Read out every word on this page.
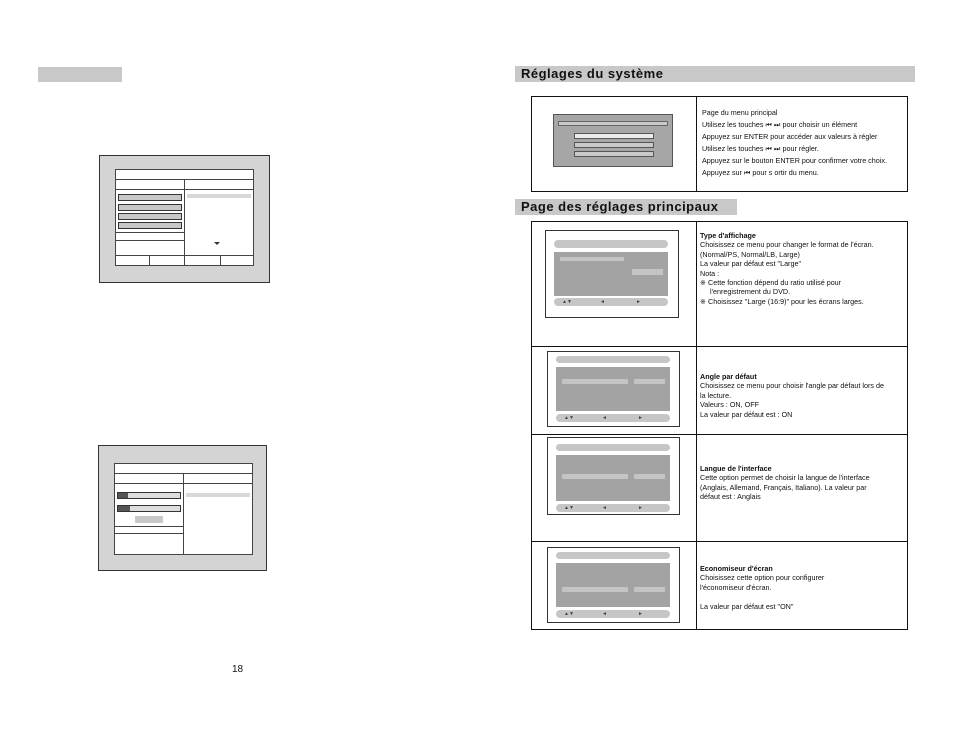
18
Réglages du système
Page du menu principal
Utilisez les touches ⏮ ⏭ pour choisir un élément
Appuyez sur ENTER pour accéder aux valeurs à régler
Utilisez les touches ⏮ ⏭ pour régler.
Appuyez sur le bouton ENTER pour confirmer votre choix.
Appuyez sur ⏮ pour s ortir du menu.
Page des réglages principaux
▲▼	◄	►
▲▼	◄	►
▲▼	◄	►
▲▼	◄	►
Type d'affichage
Choisissez ce menu pour changer le format de l'écran.
(Normal/PS, Normal/LB, Large)
La valeur par défaut est "Large"
Nota :
※ Cette fonction dépend du ratio utilisé pour
l'enregistrement du DVD.
※ Choisissez "Large (16:9)" pour les écrans larges.
Angle par défaut
Choisissez ce menu pour choisir l'angle par défaut lors de
la lecture.
Valeurs : ON, OFF
La valeur par défaut est : ON
Langue de l'interface
Cette option permet de choisir la langue de l'interface
(Anglais, Allemand, Français, Italiano). La valeur par
défaut est : Anglais
Economiseur d'écran
Choisissez cette option pour configurer
l'économiseur d'écran.
La valeur par défaut est "ON"
